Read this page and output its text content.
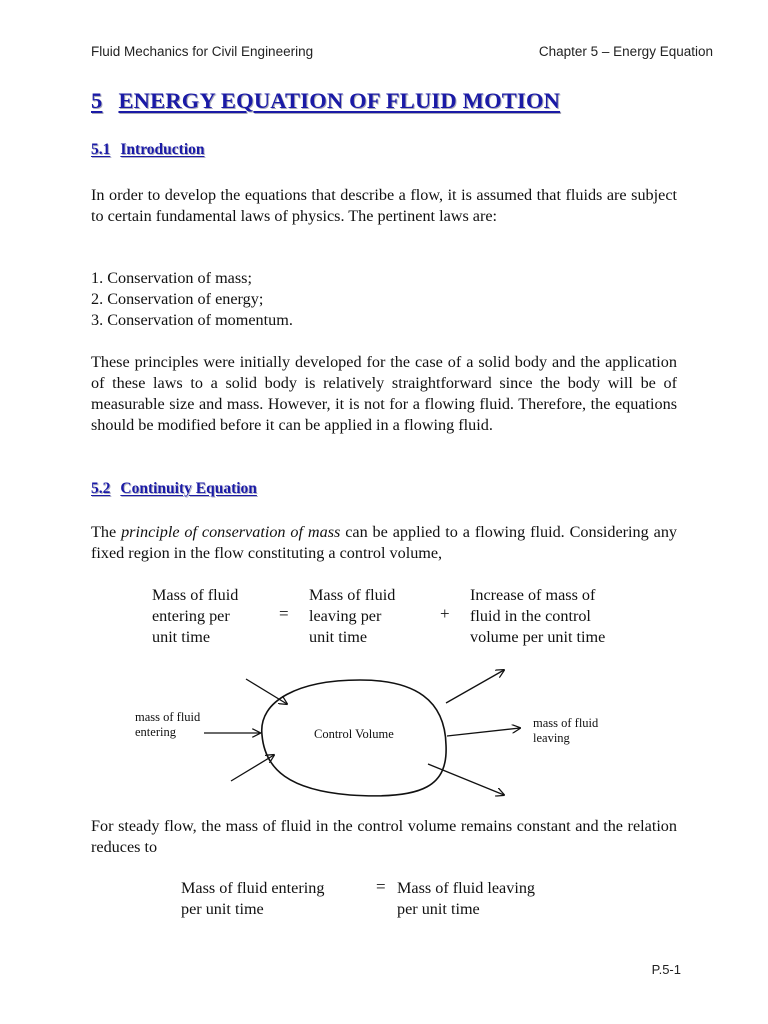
Fluid Mechanics for Civil Engineering	Chapter 5 – Energy Equation
5 ENERGY EQUATION OF FLUID MOTION
5.1 Introduction

In order to develop the equations that describe a flow, it is assumed that fluids are subject to certain fundamental laws of physics. The pertinent laws are:

1. Conservation of mass;
2. Conservation of energy;
3. Conservation of momentum.

These principles were initially developed for the case of a solid body and the application of these laws to a solid body is relatively straightforward since the body will be of measurable size and mass. However, it is not for a flowing fluid. Therefore, the equations should be modified before it can be applied in a flowing fluid.

5.2 Continuity Equation

The principle of conservation of mass can be applied to a flowing fluid. Considering any fixed region in the flow constituting a control volume,

Mass of fluid
entering per
unit time

=

Mass of fluid
leaving per
unit time

+

Increase of mass of
fluid in the control
volume per unit time

mass of fluid
entering	Control Volume
mass of fluid
leaving

For steady flow, the mass of fluid in the control volume remains constant and the relation reduces to

Mass of fluid entering
per unit time

= Mass of fluid leaving
per unit time

P.5-1
